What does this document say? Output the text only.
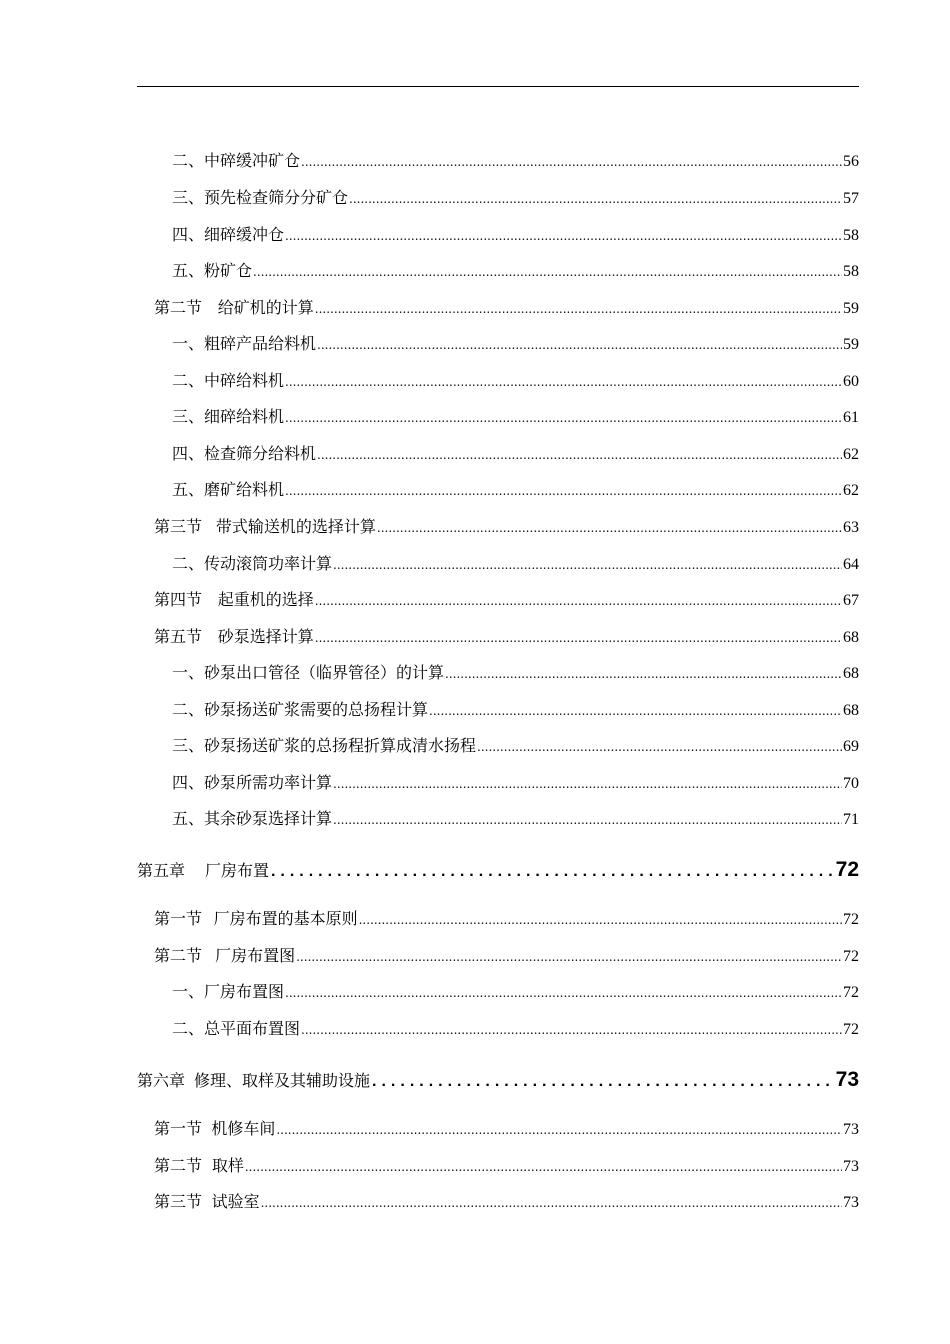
二、中碎缓冲矿仓 .....	56
三、预先检查筛分分矿仓 .....	57
四、细碎缓冲仓 .....	58
五、粉矿仓 .....	58
第二节 给矿机的计算 .....	59
一、粗碎产品给料机 .....	59
二、中碎给料机 .....	60
三、细碎给料机 .....	61
四、检查筛分给料机 .....	62
五、磨矿给料机 .....	62
第三节 带式输送机的选择计算 .....	63
二、传动滚筒功率计算 .....	64
第四节 起重机的选择 .....	67
第五节 砂泵选择计算 .....	68
一、砂泵出口管径（临界管径）的计算 .....	68
二、砂泵扬送矿浆需要的总扬程计算 .....	68
三、砂泵扬送矿浆的总扬程折算成清水扬程 .....	69
四、砂泵所需功率计算 .....	70
五、其余砂泵选择计算 .....	71
第五章 厂房布置 .....	72
第一节 厂房布置的基本原则 .....	72
第二节 厂房布置图 .....	72
一、厂房布置图 .....	72
二、总平面布置图 .....	72
第六章 修理、取样及其辅助设施 .....	73
第一节 机修车间 .....	73
第二节 取样 .....	73
第三节 试验室 .....	73
